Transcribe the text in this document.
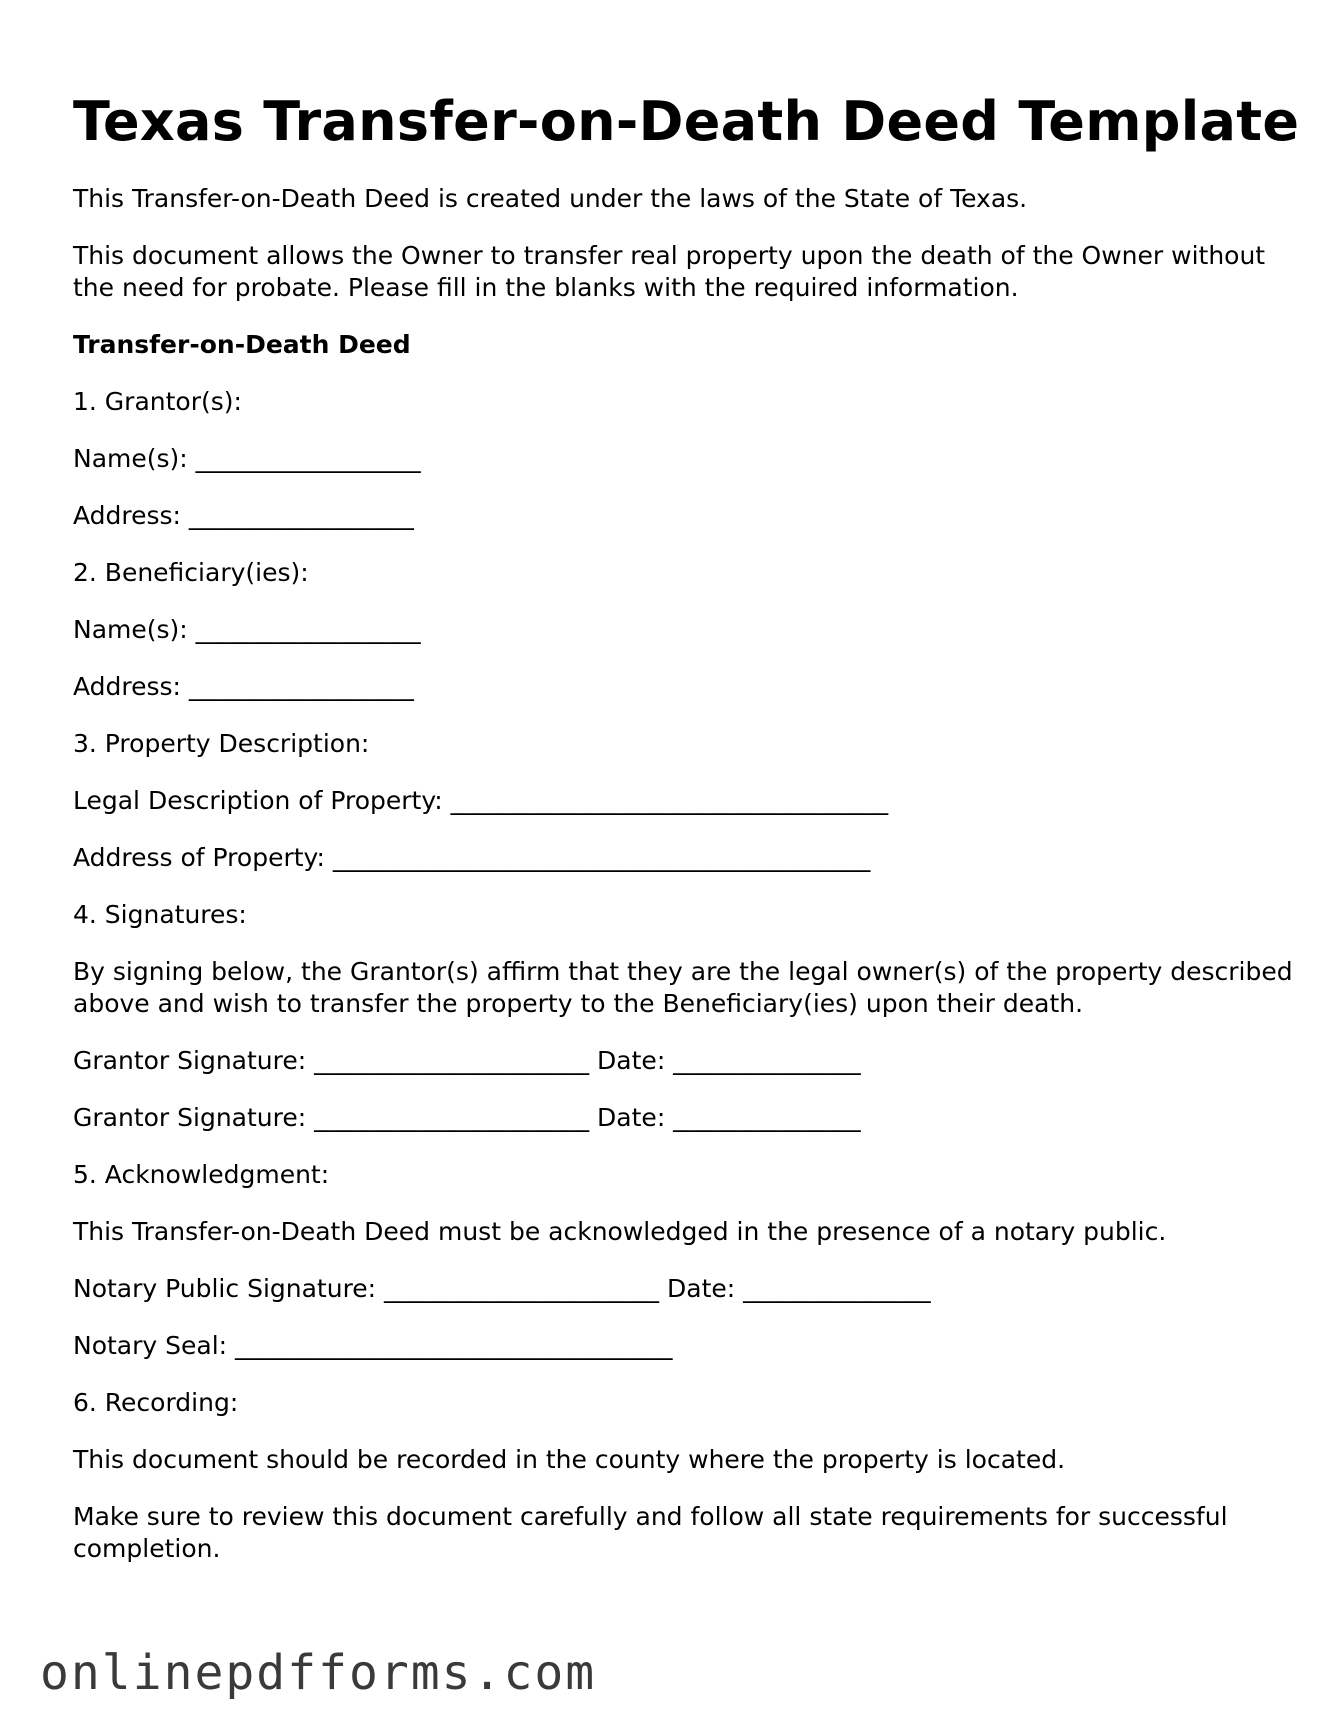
Texas Transfer-on-Death Deed Template

This Transfer-on-Death Deed is created under the laws of the State of Texas.

This document allows the Owner to transfer real property upon the death of the Owner without the need for probate. Please fill in the blanks with the required information.

Transfer-on-Death Deed

1. Grantor(s):

Name(s): __________________

Address: __________________

2. Beneficiary(ies):

Name(s): __________________

Address: __________________

3. Property Description:

Legal Description of Property: ___________________________________

Address of Property: ___________________________________________

4. Signatures:

By signing below, the Grantor(s) affirm that they are the legal owner(s) of the property described above and wish to transfer the property to the Beneficiary(ies) upon their death.

Grantor Signature: ______________________ Date: _______________

Grantor Signature: ______________________ Date: _______________

5. Acknowledgment:

This Transfer-on-Death Deed must be acknowledged in the presence of a notary public.

Notary Public Signature: ______________________ Date: _______________

Notary Seal: ___________________________________

6. Recording:

This document should be recorded in the county where the property is located.

Make sure to review this document carefully and follow all state requirements for successful completion.

onlinepdfforms.com
